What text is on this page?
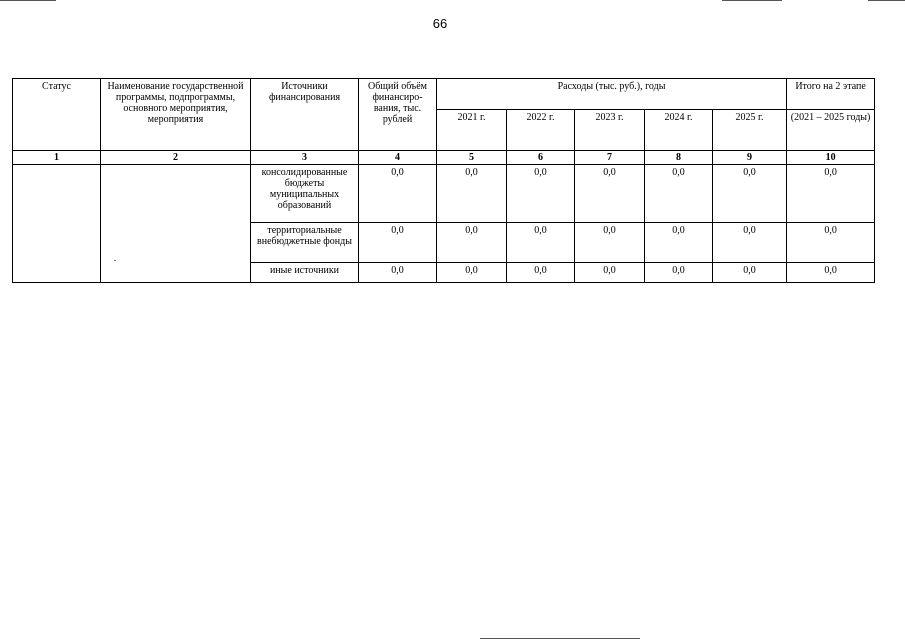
66
Статус	Наименование государственной программы, подпрограммы, основного мероприятия, мероприятия	Источники финансирования	Общий объём финансиро-вания, тыс. рублей	Расходы (тыс. руб.), годы					Итого на 2 этапе
				2021 г.	2022 г.	2023 г.	2024 г.	2025 г.	(2021 – 2025 годы)
1	2	3	4	5	6	7	8	9	10
		консолидированные бюджеты муниципальных образований	0,0	0,0	0,0	0,0	0,0	0,0	0,0
		территориальные внебюджетные фонды	0,0	0,0	0,0	0,0	0,0	0,0	0,0
		иные источники	0,0	0,0	0,0	0,0	0,0	0,0	0,0
